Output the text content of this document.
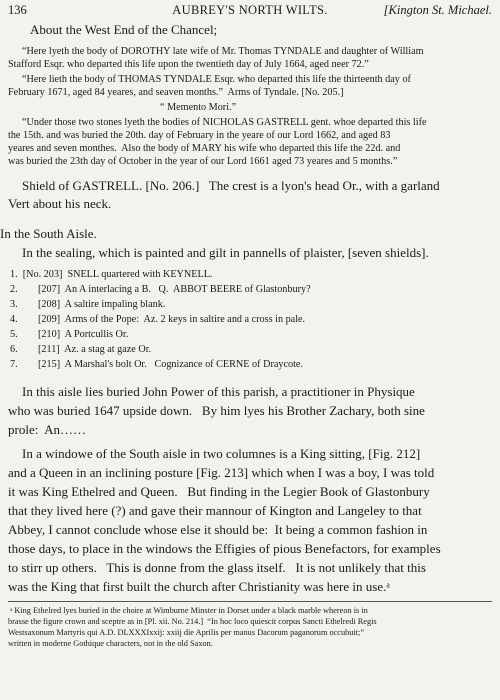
136	AUBREY'S NORTH WILTS.	[Kington St. Michael.
About the West End of the Chancel;
“Here lyeth the body of DOROTHY late wife of Mr. Thomas TYNDALE and daughter of William
Stafford Esqr. who departed this life upon the twentieth day of July 1664, aged neer 72.”
“Here lieth the body of THOMAS TYNDALE Esqr. who departed this life the thirteenth day of
February 1671, aged 84 yeares, and seaven months.”  Arms of Tyndale. [No. 205.]
“ Memento Mori.”
“Under those two stones lyeth the bodies of NICHOLAS GASTRELL gent. whoe departed this life
the 15th. and was buried the 20th. day of February in the yeare of our Lord 1662, and aged 83
yeares and seven monthes.  Also the body of MARY his wife who departed this life the 22d. and
was buried the 23th day of October in the year of our Lord 1661 aged 73 yeares and 5 months.”
Shield of GASTRELL. [No. 206.]   The crest is a lyon's head Or., with a garland
Vert about his neck.
In the South Aisle.
In the sealing, which is painted and gilt in pannells of plaister, [seven shields].
1.  [No. 203]  SNELL quartered with KEYNELL.
2.        [207]  An A interlacing a B.   Q.  ABBOT BEERE of Glastonbury?
3.        [208]  A saltire impaling blank.
4.        [209]  Arms of the Pope:  Az. 2 keys in saltire and a cross in pale.
5.        [210]  A Portcullis Or.
6.        [211]  Az. a stag at gaze Or.
7.        [215]  A Marshal's bolt Or.   Cognizance of CERNE of Draycote.
In this aisle lies buried John Power of this parish, a practitioner in Physique
who was buried 1647 upside down.   By him lyes his Brother Zachary, both sine
prole:  An……
In a windowe of the South aisle in two columnes is a King sitting, [Fig. 212]
and a Queen in an inclining posture [Fig. 213] which when I was a boy, I was told
it was King Ethelred and Queen.   But finding in the Legier Book of Glastonbury
that they lived here (?) and gave their mannour of Kington and Langeley to that
Abbey, I cannot conclude whose else it should be:  It being a common fashion in
those days, to place in the windows the Effigies of pious Benefactors, for examples
to stirr up others.   This is donne from the glass itself.   It is not unlikely that this
was the King that first built the church after Christianity was here in use.ᵃ
ᵃ King Ethelred lyes buried in the choire at Wimburne Minster in Dorset under a black marble whereon is in
brasse the figure crown and sceptre as in [Pl. xii. No. 214.]  “In hoc loco quiescit corpus Sancti Ethelredi Regis
Westsaxonum Martyris qui A.D. DLXXXIxxij: xxiij die Aprilis per manus Dacorum paganorum occubuit;”
written in moderne Gothique characters, not in the old Saxon.
